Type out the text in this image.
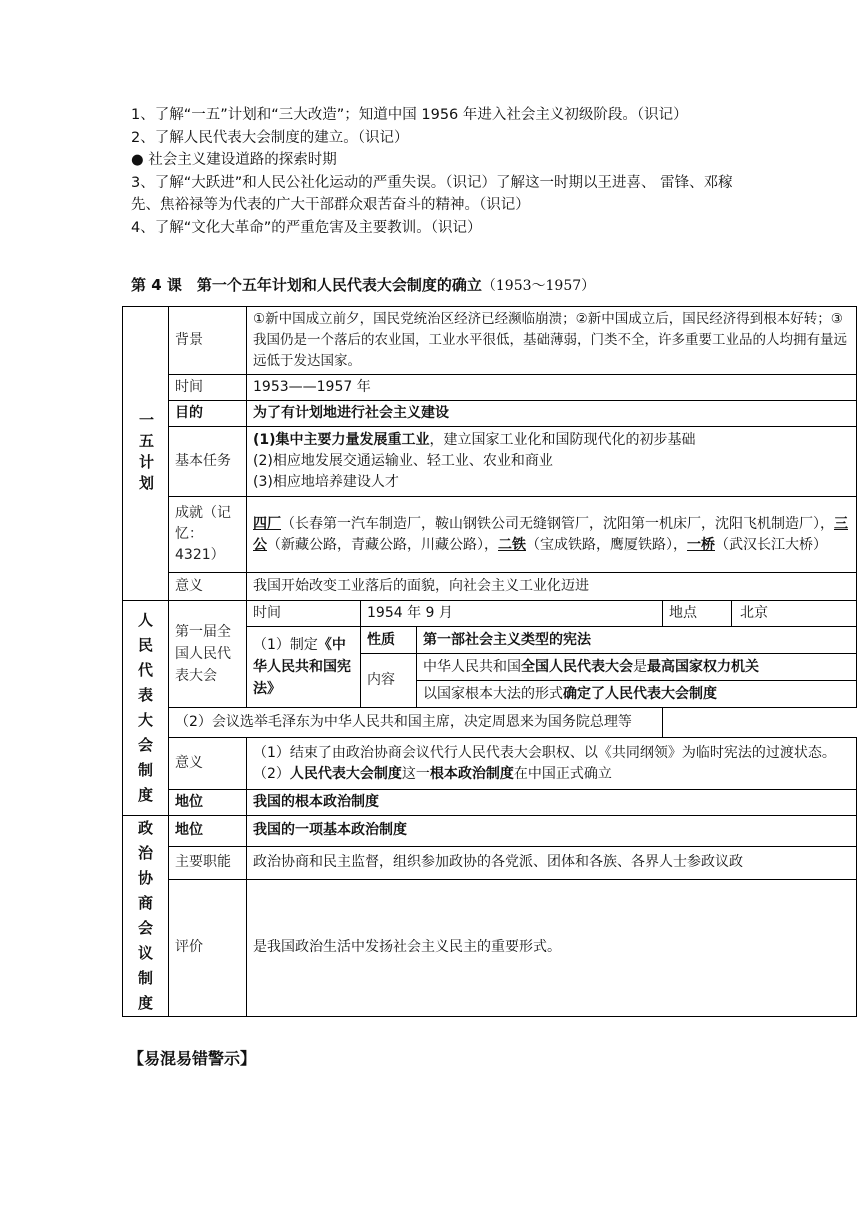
1、了解“一五”计划和“三大改造”；知道中国 1956 年进入社会主义初级阶段。（识记）

2、了解人民代表大会制度的建立。（识记）

● 社会主义建设道路的探索时期

3、了解“大跃进”和人民公社化运动的严重失误。（识记）了解这一时期以王进喜、 雷锋、邓稼先、焦裕禄等为代表的广大干部群众艰苦奋斗的精神。（识记）

4、了解“文化大革命”的严重危害及主要教训。（识记）

第 4 课　第一个五年计划和人民代表大会制度的确立（1953～1957）
一五计划	背景	①新中国成立前夕，国民党统治区经济已经濒临崩溃；②新中国成立后，国民经济得到根本好转；③我国仍是一个落后的农业国，工业水平很低，基础薄弱，门类不全，许多重要工业品的人均拥有量远远低于发达国家。			
	时间	1953——1957 年			
	目的	为了有计划地进行社会主义建设			
	基本任务	(1)集中主要力量发展重工业，建立国家工业化和国防现代化的初步基础
(2)相应地发展交通运输业、轻工业、农业和商业
(3)相应地培养建设人才			

	成就（记忆：4321）	四厂（长春第一汽车制造厂，鞍山钢铁公司无缝钢管厂，沈阳第一机床厂，沈阳飞机制造厂），三公（新藏公路，青藏公路，川藏公路），二铁（宝成铁路，鹰厦铁路），一桥（武汉长江大桥）			
	意义	我国开始改变工业落后的面貌，向社会主义工业化迈进			

人民代表大会制度	第一届全国人民代表大会	时间	1954 年 9 月		地点 北京

		（1）制定《中华人民共和国宪法》	性质	第一部社会主义类型的宪法	
			内容	中华人民共和国全国人民代表大会是最高国家权力机关	
				以国家根本大法的形式确定了人民代表大会制度	
	（2）会议选举毛泽东为中华人民共和国主席，决定周恩来为国务院总理等				
	意义	（1）结束了由政治协商会议代行人民代表大会职权、以《共同纲领》为临时宪法的过渡状态。（2）人民代表大会制度这一根本政治制度在中国正式确立			
	地位	我国的根本政治制度			

政治协商会议制度	地位	我国的一项基本政治制度			
	主要职能	政治协商和民主监督，组织参加政协的各党派、团体和各族、各界人士参政议政			
	评价	是我国政治生活中发扬社会主义民主的重要形式。			
【易混易错警示】
